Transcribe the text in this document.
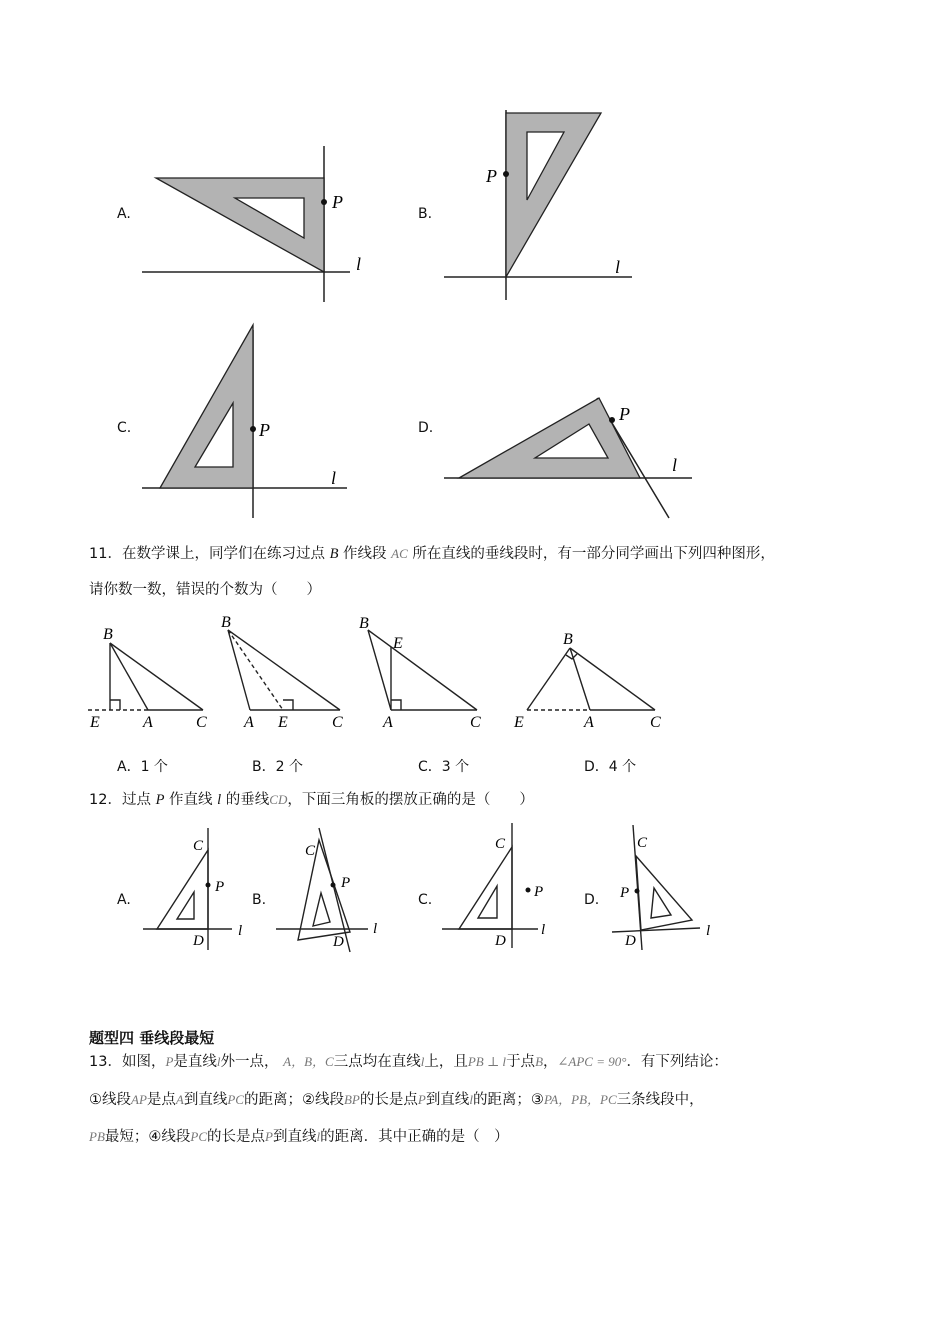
A.
P
l
B.
P
l
C.	P
l
D.
P
l
11．在数学课上，同学们在练习过点 B 作线段 AC 所在直线的垂线段时，有一部分同学画出下列四种图形，
请你数一数，错误的个数为（　　）
B
E	A	C
B
A E	C
B
E
A	C
B
E	A	C
A．1 个	B．2 个	C．3 个	D．4 个
12．过点 P 作直线 l 的垂线CD，下面三角板的摆放正确的是（　　）
A.	B.	C.	D.
C
P
D
l
C
P
D
l
C
P
D
l
C
P
D
l
题型四 垂线段最短
13．如图，P是直线l外一点， A，B，C三点均在直线l上，且PB ⊥ l于点B，∠APC = 90°．有下列结论：
①线段AP是点A到直线PC的距离；②线段BP的长是点P到直线l的距离；③PA，PB，PC三条线段中，
PB最短；④线段PC的长是点P到直线l的距离．其中正确的是（　）
